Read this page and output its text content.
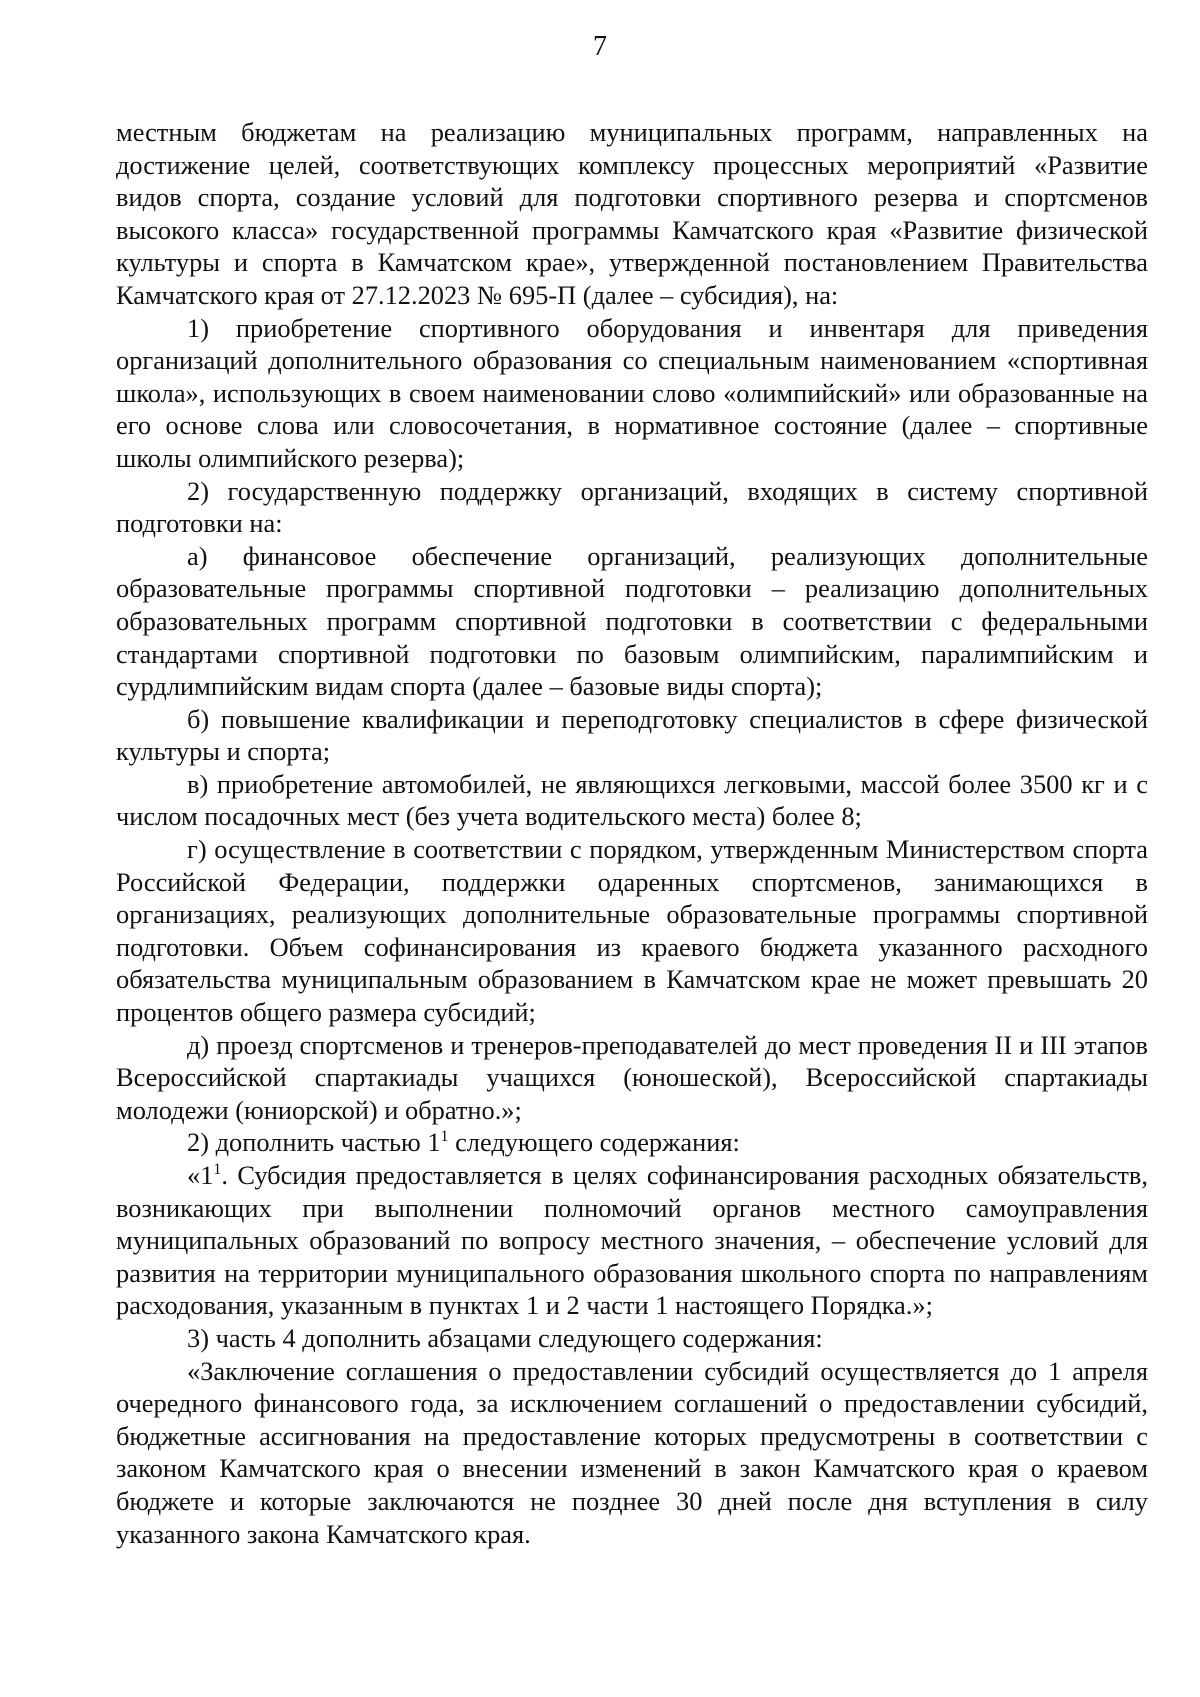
7

местным бюджетам на реализацию муниципальных программ, направленных на достижение целей, соответствующих комплексу процессных мероприятий «Развитие видов спорта, создание условий для подготовки спортивного резерва и спортсменов высокого класса» государственной программы Камчатского края «Развитие физической культуры и спорта в Камчатском крае», утвержденной постановлением Правительства Камчатского края от 27.12.2023 № 695-П (далее – субсидия), на:

1) приобретение спортивного оборудования и инвентаря для приведения организаций дополнительного образования со специальным наименованием «спортивная школа», использующих в своем наименовании слово «олимпийский» или образованные на его основе слова или словосочетания, в нормативное состояние (далее – спортивные школы олимпийского резерва);

2) государственную поддержку организаций, входящих в систему спортивной подготовки на:

а) финансовое обеспечение организаций, реализующих дополнительные образовательные программы спортивной подготовки – реализацию дополнительных образовательных программ спортивной подготовки в соответствии с федеральными стандартами спортивной подготовки по базовым олимпийским, паралимпийским и сурдлимпийским видам спорта (далее – базовые виды спорта);

б) повышение квалификации и переподготовку специалистов в сфере физической культуры и спорта;

в) приобретение автомобилей, не являющихся легковыми, массой более 3500 кг и с числом посадочных мест (без учета водительского места) более 8;

г) осуществление в соответствии с порядком, утвержденным Министерством спорта Российской Федерации, поддержки одаренных спортсменов, занимающихся в организациях, реализующих дополнительные образовательные программы спортивной подготовки. Объем софинансирования из краевого бюджета указанного расходного обязательства муниципальным образованием в Камчатском крае не может превышать 20 процентов общего размера субсидий;

д) проезд спортсменов и тренеров-преподавателей до мест проведения II и III этапов Всероссийской спартакиады учащихся (юношеской), Всероссийской спартакиады молодежи (юниорской) и обратно.»;

2) дополнить частью $1^1$ следующего содержания:

«$1^1$. Субсидия предоставляется в целях софинансирования расходных обязательств, возникающих при выполнении полномочий органов местного самоуправления муниципальных образований по вопросу местного значения, – обеспечение условий для развития на территории муниципального образования школьного спорта по направлениям расходования, указанным в пунктах 1 и 2 части 1 настоящего Порядка.»;

3) часть 4 дополнить абзацами следующего содержания:

«Заключение соглашения о предоставлении субсидий осуществляется до 1 апреля очередного финансового года, за исключением соглашений о предоставлении субсидий, бюджетные ассигнования на предоставление которых предусмотрены в соответствии с законом Камчатского края о внесении изменений в закон Камчатского края о краевом бюджете и которые заключаются не позднее 30 дней после дня вступления в силу указанного закона Камчатского края.
